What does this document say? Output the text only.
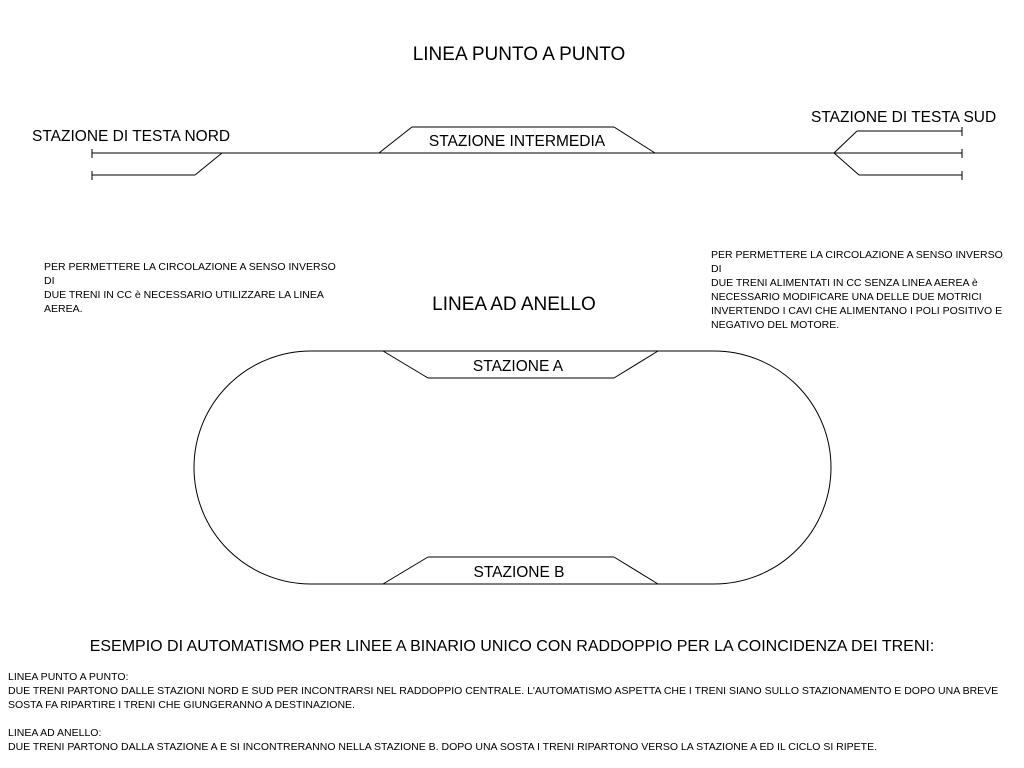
LINEA PUNTO A PUNTO
STAZIONE DI TESTA NORD	STAZIONE INTERMEDIA
STAZIONE DI TESTA SUD
LINEA AD ANELLO
STAZIONE A
STAZIONE B
PER PERMETTERE LA CIRCOLAZIONE A SENSO INVERSO DI
DUE TRENI IN CC è NECESSARIO UTILIZZARE LA LINEA
AEREA.
PER PERMETTERE LA CIRCOLAZIONE A SENSO INVERSO DI
DUE TRENI ALIMENTATI IN CC SENZA LINEA AEREA è
NECESSARIO MODIFICARE UNA DELLE DUE MOTRICI
INVERTENDO I CAVI CHE ALIMENTANO I POLI POSITIVO E
NEGATIVO DEL MOTORE.
ESEMPIO DI AUTOMATISMO PER LINEE A BINARIO UNICO CON RADDOPPIO PER LA COINCIDENZA DEI TRENI:
LINEA PUNTO A PUNTO:
DUE TRENI PARTONO DALLE STAZIONI NORD E SUD PER INCONTRARSI NEL RADDOPPIO CENTRALE. L'AUTOMATISMO ASPETTA CHE I TRENI SIANO SULLO STAZIONAMENTO E DOPO UNA BREVE SOSTA FA RIPARTIRE I TRENI CHE GIUNGERANNO A DESTINAZIONE.
LINEA AD ANELLO:
DUE TRENI PARTONO DALLA STAZIONE A E SI INCONTRERANNO NELLA STAZIONE B. DOPO UNA SOSTA I TRENI RIPARTONO VERSO LA STAZIONE A ED IL CICLO SI RIPETE.
